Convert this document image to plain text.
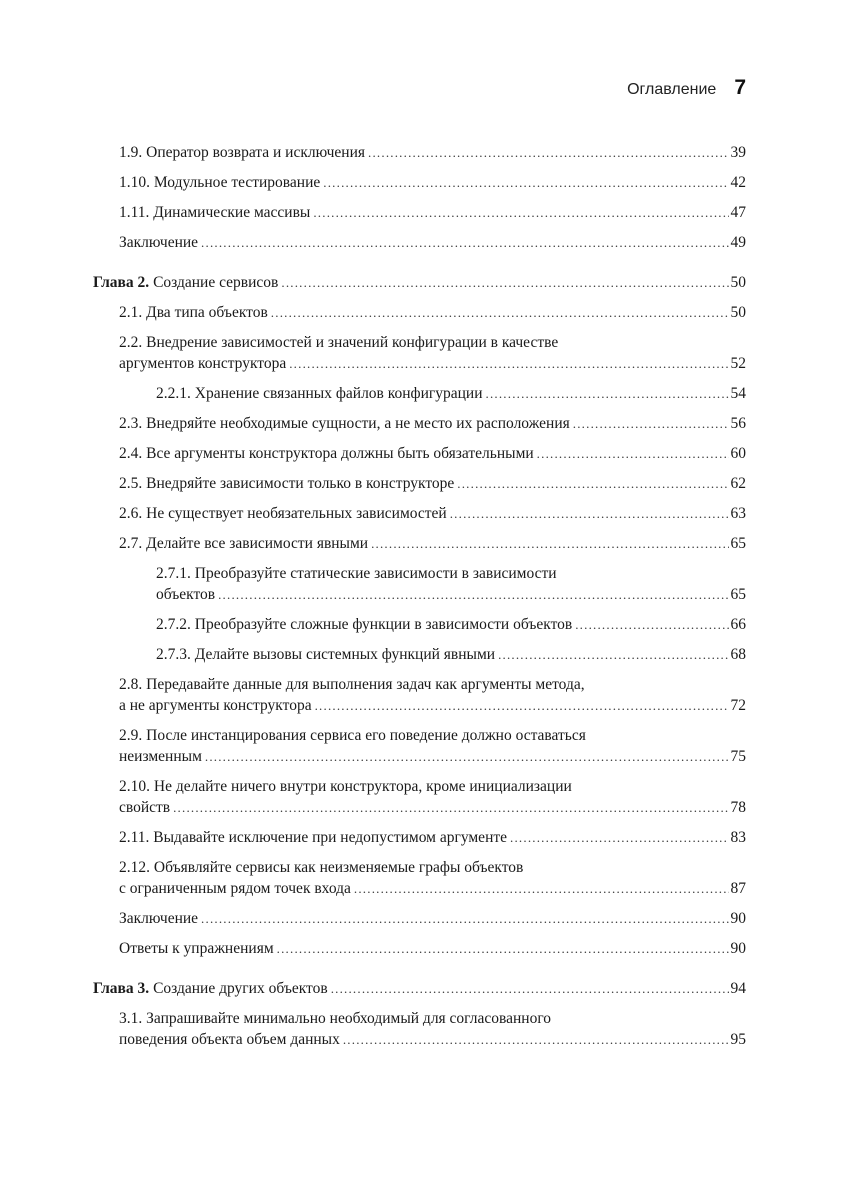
Оглавление 7
1.9. Оператор возврата и исключения .....	39
1.10. Модульное тестирование .....	42
1.11. Динамические массивы .....	47
Заключение .....	49
Глава 2. Создание сервисов .....	50
2.1. Два типа объектов .....	50
2.2. Внедрение зависимостей и значений конфигурации в качестве
аргументов конструктора .....	52
2.2.1. Хранение связанных файлов конфигурации .....	54
2.3. Внедряйте необходимые сущности, а не место их расположения .....	56
2.4. Все аргументы конструктора должны быть обязательными .....	60
2.5. Внедряйте зависимости только в конструкторе .....	62
2.6. Не существует необязательных зависимостей .....	63
2.7. Делайте все зависимости явными .....	65
2.7.1. Преобразуйте статические зависимости в зависимости
объектов .....	65
2.7.2. Преобразуйте сложные функции в зависимости объектов .....	66
2.7.3. Делайте вызовы системных функций явными .....	68
2.8. Передавайте данные для выполнения задач как аргументы метода,
а не аргументы конструктора .....	72
2.9. После инстанцирования сервиса его поведение должно оставаться
неизменным .....	75
2.10. Не делайте ничего внутри конструктора, кроме инициализации
свойств .....	78
2.11. Выдавайте исключение при недопустимом аргументе .....	83
2.12. Объявляйте сервисы как неизменяемые графы объектов
с ограниченным рядом точек входа .....	87
Заключение .....	90
Ответы к упражнениям .....	90
Глава 3. Создание других объектов .....	94
3.1. Запрашивайте минимально необходимый для согласованного
поведения объекта объем данных .....	95
